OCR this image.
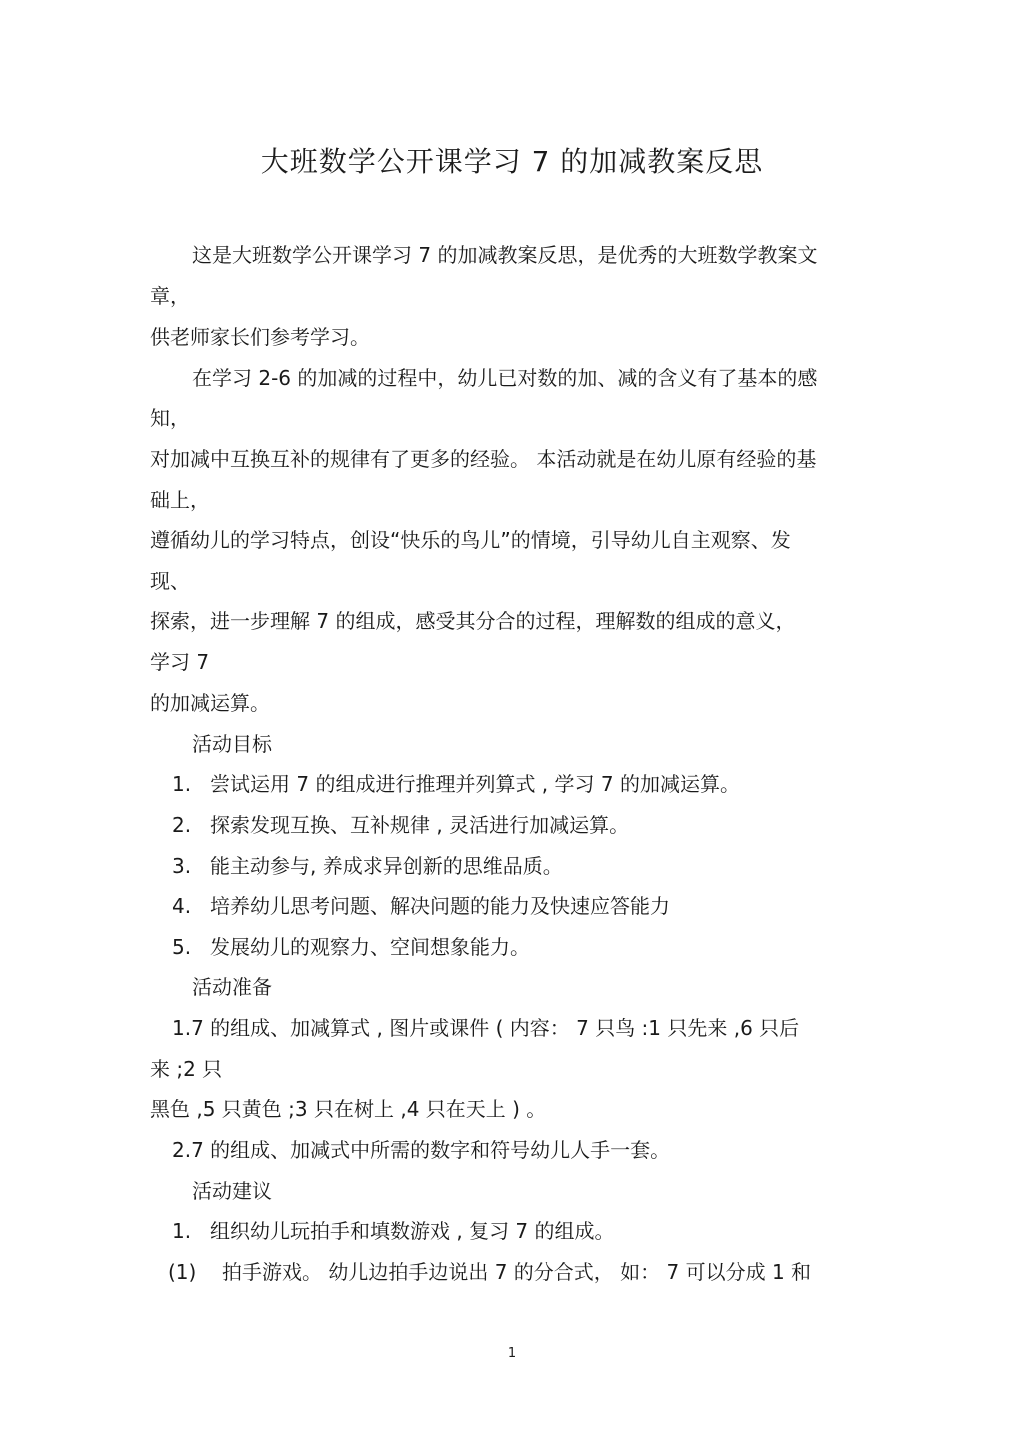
大班数学公开课学习 7 的加减教案反思
这是大班数学公开课学习 7 的加减教案反思，是优秀的大班数学教案文
章，
供老师家长们参考学习。
在学习 2-6 的加减的过程中，幼儿已对数的加、减的含义有了基本的感
知，
对加减中互换互补的规律有了更多的经验。 本活动就是在幼儿原有经验的基
础上，
遵循幼儿的学习特点，创设“快乐的鸟儿”的情境，引导幼儿自主观察、发
现、
探索，进一步理解 7 的组成，感受其分合的过程，理解数的组成的意义，
学习 7
的加减运算。
活动目标
1. 尝试运用 7 的组成进行推理并列算式 , 学习 7 的加减运算。
2. 探索发现互换、互补规律 , 灵活进行加减运算。
3. 能主动参与, 养成求异创新的思维品质。
4. 培养幼儿思考问题、解决问题的能力及快速应答能力
5. 发展幼儿的观察力、空间想象能力。
活动准备
1.7 的组成、加减算式 , 图片或课件 ( 内容： 7 只鸟 :1 只先来 ,6 只后
来 ;2 只
黑色 ,5 只黄色 ;3 只在树上 ,4 只在天上 ) 。
2.7 的组成、加减式中所需的数字和符号幼儿人手一套。
活动建议
1. 组织幼儿玩拍手和填数游戏 , 复习 7 的组成。
(1) 拍手游戏。 幼儿边拍手边说出 7 的分合式， 如： 7 可以分成 1 和
1
